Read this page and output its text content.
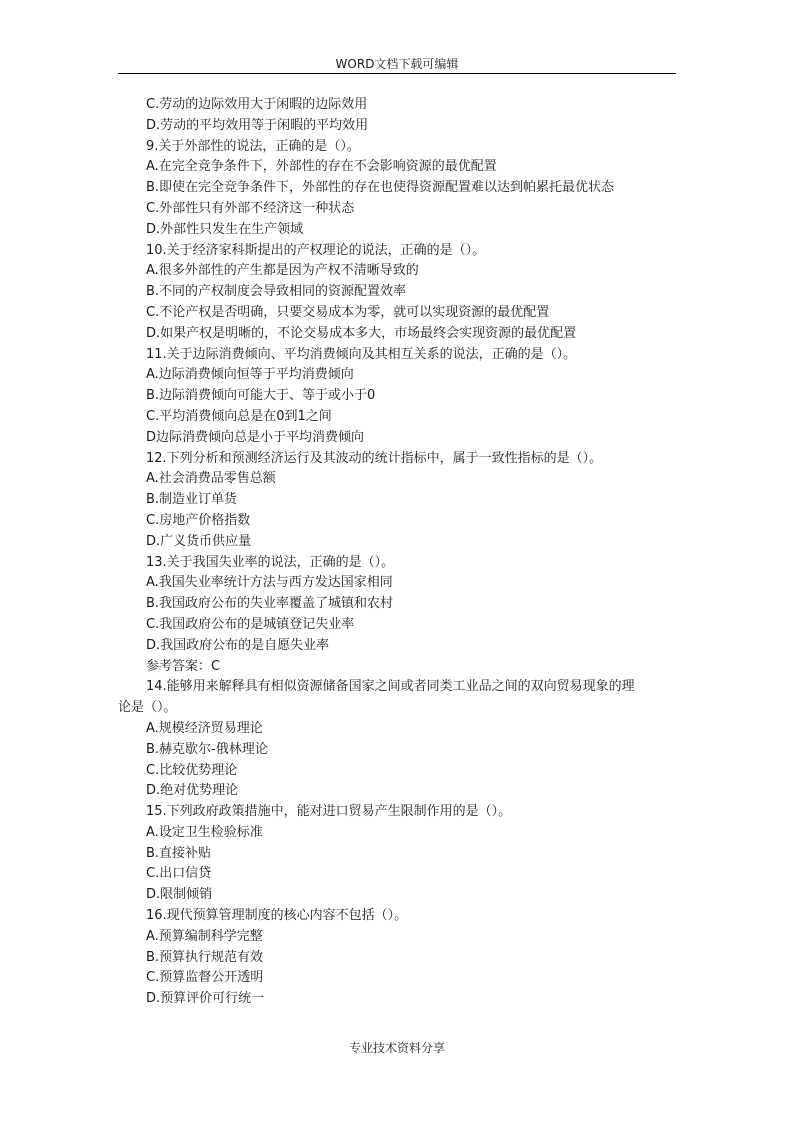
WORD文档下载可编辑
C.劳动的边际效用大于闲暇的边际效用
D.劳动的平均效用等于闲暇的平均效用
9.关于外部性的说法，正确的是（）。
A.在完全竞争条件下，外部性的存在不会影响资源的最优配置
B.即使在完全竞争条件下，外部性的存在也使得资源配置难以达到帕累托最优状态
C.外部性只有外部不经济这一种状态
D.外部性只发生在生产领域
10.关于经济家科斯提出的产权理论的说法，正确的是（）。
A.很多外部性的产生都是因为产权不清晰导致的
B.不同的产权制度会导致相同的资源配置效率
C.不论产权是否明确，只要交易成本为零，就可以实现资源的最优配置
D.如果产权是明晰的，不论交易成本多大，市场最终会实现资源的最优配置
11.关于边际消费倾向、平均消费倾向及其相互关系的说法，正确的是（）。
A.边际消费倾向恒等于平均消费倾向
B.边际消费倾向可能大于、等于或小于0
C.平均消费倾向总是在0到1之间
D边际消费倾向总是小于平均消费倾向
12.下列分析和预测经济运行及其波动的统计指标中，属于一致性指标的是（）。
A.社会消费品零售总额
B.制造业订单货
C.房地产价格指数
D.广义货币供应量
13.关于我国失业率的说法，正确的是（）。
A.我国失业率统计方法与西方发达国家相同
B.我国政府公布的失业率覆盖了城镇和农村
C.我国政府公布的是城镇登记失业率
D.我国政府公布的是自愿失业率
参考答案：C
14.能够用来解释具有相似资源储备国家之间或者同类工业品之间的双向贸易现象的理
论是（）。
A.规模经济贸易理论
B.赫克歇尔-俄林理论
C.比较优势理论
D.绝对优势理论
15.下列政府政策措施中，能对进口贸易产生限制作用的是（）。
A.设定卫生检验标准
B.直接补贴
C.出口信贷
D.限制倾销
16.现代预算管理制度的核心内容不包括（）。
A.预算编制科学完整
B.预算执行规范有效
C.预算监督公开透明
D.预算评价可行统一
专业技术资料分享
